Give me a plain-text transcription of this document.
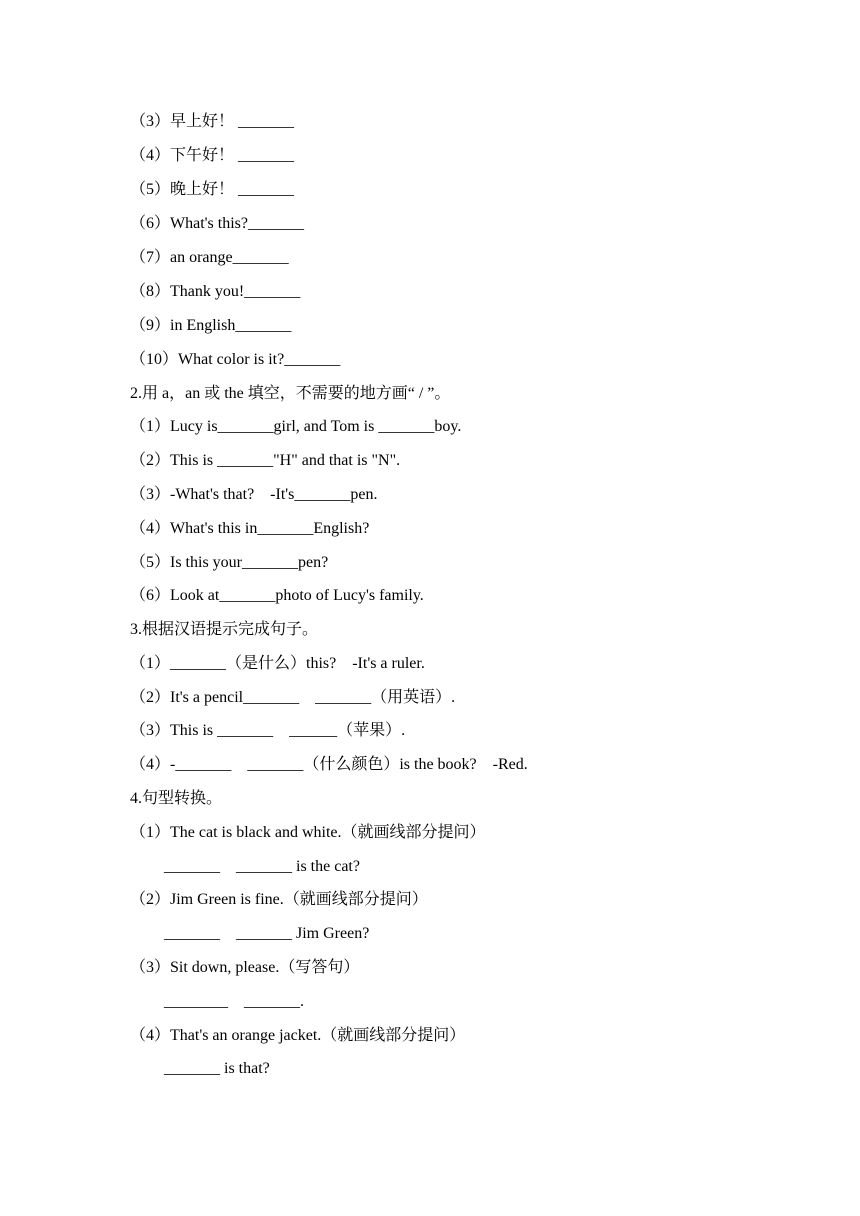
（3）早上好！ _______
（4）下午好！ _______
（5）晚上好！ _______
（6）What's this?_______
（7）an orange_______
（8）Thank you!_______
（9）in English_______
（10）What color is it?_______
2.用 a，an 或 the 填空，不需要的地方画“ / ”。
（1）Lucy is_______girl, and Tom is _______boy.
（2）This is _______"H" and that is "N".
（3）-What's that?    -It's_______pen.
（4）What's this in_______English?
（5）Is this your_______pen?
（6）Look at_______photo of Lucy's family.
3.根据汉语提示完成句子。
（1）_______（是什么）this?    -It's a ruler.
（2）It's a pencil_______    _______（用英语）.
（3）This is _______    ______（苹果）.
（4）-_______    _______（什么颜色）is the book?    -Red.
4.句型转换。
（1）The cat is black and white.（就画线部分提问）
_______    _______ is the cat?
（2）Jim Green is fine.（就画线部分提问）
_______    _______ Jim Green?
（3）Sit down, please.（写答句）
________    _______.
（4）That's an orange jacket.（就画线部分提问）
_______ is that?
